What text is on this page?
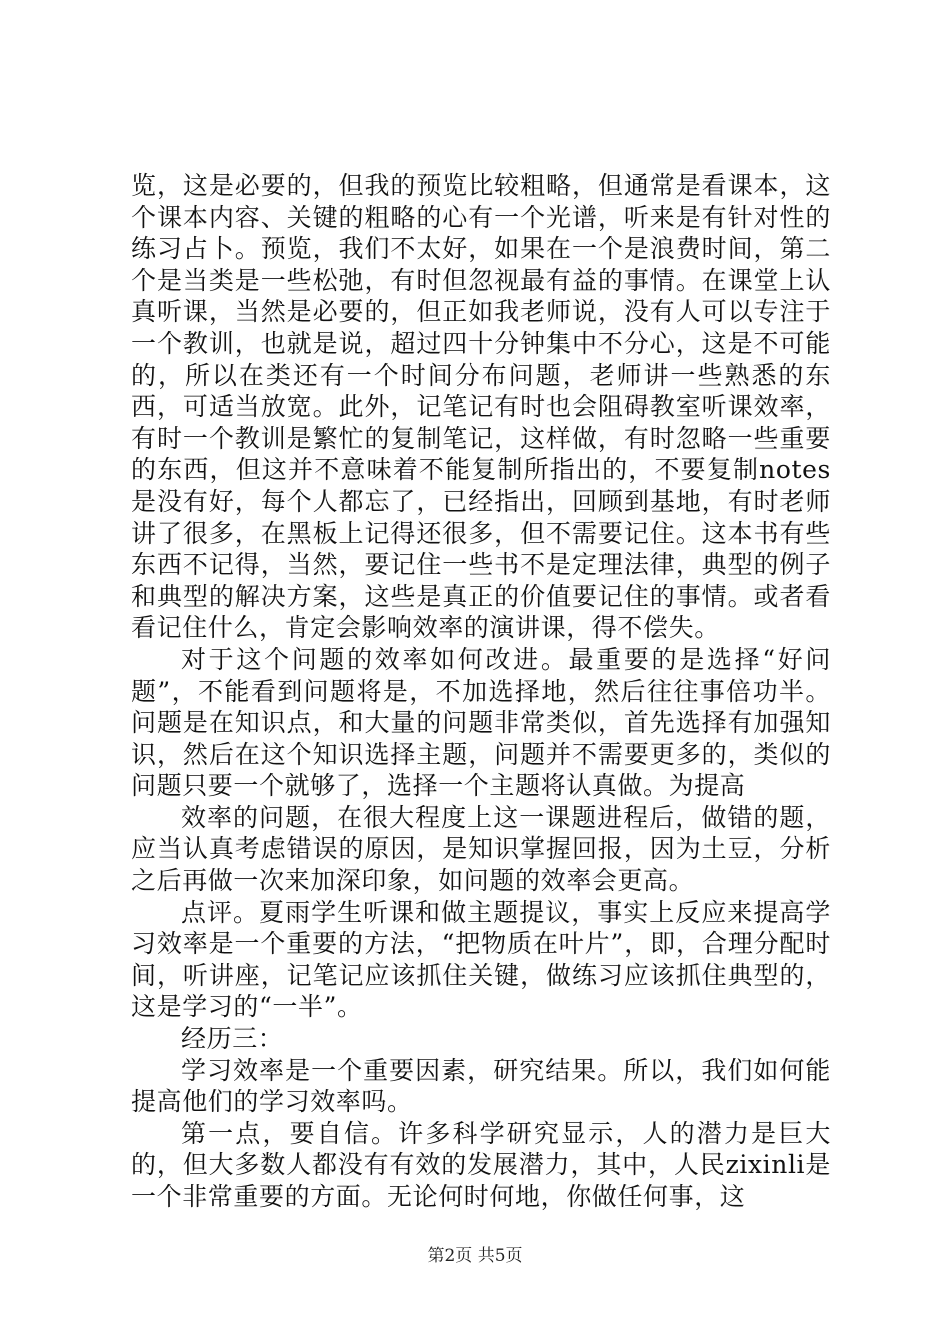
览，这是必要的，但我的预览比较粗略，但通常是看课本，这个课本内容、关键的粗略的心有一个光谱，听来是有针对性的练习占卜。预览，我们不太好，如果在一个是浪费时间，第二个是当类是一些松弛，有时但忽视最有益的事情。在课堂上认真听课，当然是必要的，但正如我老师说，没有人可以专注于一个教训，也就是说，超过四十分钟集中不分心，这是不可能的，所以在类还有一个时间分布问题，老师讲一些熟悉的东西，可适当放宽。此外，记笔记有时也会阻碍教室听课效率，有时一个教训是繁忙的复制笔记，这样做，有时忽略一些重要的东西，但这并不意味着不能复制所指出的，不要复制notes是没有好，每个人都忘了，已经指出，回顾到基地，有时老师讲了很多，在黑板上记得还很多，但不需要记住。这本书有些东西不记得，当然，要记住一些书不是定理法律，典型的例子和典型的解决方案，这些是真正的价值要记住的事情。或者看看记住什么，肯定会影响效率的演讲课，得不偿失。

对于这个问题的效率如何改进。最重要的是选择“好问题”，不能看到问题将是，不加选择地，然后往往事倍功半。问题是在知识点，和大量的问题非常类似，首先选择有加强知识，然后在这个知识选择主题，问题并不需要更多的，类似的问题只要一个就够了，选择一个主题将认真做。为提高

效率的问题，在很大程度上这一课题进程后，做错的题，应当认真考虑错误的原因，是知识掌握回报，因为土豆，分析之后再做一次来加深印象，如问题的效率会更高。

点评。夏雨学生听课和做主题提议，事实上反应来提高学习效率是一个重要的方法，“把物质在叶片”，即，合理分配时间，听讲座，记笔记应该抓住关键，做练习应该抓住典型的，这是学习的“一半”。

经历三：

学习效率是一个重要因素，研究结果。所以，我们如何能提高他们的学习效率吗。

第一点，要自信。许多科学研究显示，人的潜力是巨大的，但大多数人都没有有效的发展潜力，其中，人民zixinli是一个非常重要的方面。无论何时何地，你做任何事，这

第2页 共5页
